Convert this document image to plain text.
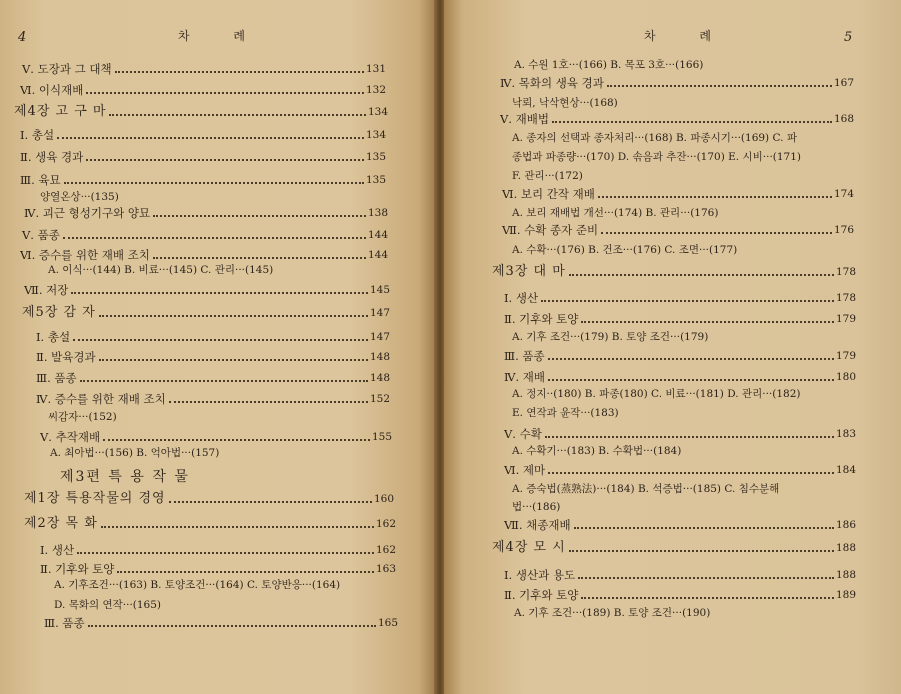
4	차 례
Ⅴ. 도장과 그 대책	131
Ⅵ. 이식재배	132
제4장 고 구 마	134
Ⅰ. 총설	134
Ⅱ. 생육 경과	135
Ⅲ. 육묘	135
양열온상···(135)
Ⅳ. 괴근 형성기구와 양묘	138
Ⅴ. 품종	144
Ⅵ. 증수를 위한 재배 조치	144
A. 이식···(144) B. 비료···(145) C. 관리···(145)
Ⅶ. 저장	145
제5장 감 자	147
Ⅰ. 총설	147
Ⅱ. 발육경과	148
Ⅲ. 품종	148
Ⅳ. 증수를 위한 재배 조치	152
씨감자···(152)
Ⅴ. 추작재배	155
A. 최아법···(156) B. 억아법···(157)
제3편 특 용 작 물
제1장 특용작물의 경영	160
제2장 목 화	162
Ⅰ. 생산	162
Ⅱ. 기후와 토양	163
A. 기후조건···(163) B. 토양조건···(164) C. 토양반응···(164)
D. 목화의 연작···(165)
Ⅲ. 품종	165
차 례	5
A. 수원 1호···(166) B. 목포 3호···(166)
Ⅳ. 목화의 생육 경과	167
낙뢰, 낙삭현상···(168)
Ⅴ. 재배법	168
A. 종자의 선택과 종자처리···(168) B. 파종시기···(169) C. 파
종법과 파종량···(170) D. 솎음과 추잔···(170) E. 시비···(171)
F. 관리···(172)
Ⅵ. 보리 간작 재배	174
A. 보리 재배법 개선···(174) B. 관리···(176)
Ⅶ. 수확 종자 준비	176
A. 수확···(176) B. 건조···(176) C. 조면···(177)
제3장 대 마	178
Ⅰ. 생산	178
Ⅱ. 기후와 토양	179
A. 기후 조건···(179) B. 토양 조건···(179)
Ⅲ. 품종	179
Ⅳ. 재배	180
A. 정지··(180) B. 파종(180) C. 비료···(181) D. 관리···(182)
E. 연작과 윤작···(183)
Ⅴ. 수확	183
A. 수확기···(183) B. 수확법···(184)
Ⅵ. 제마	184
A. 증숙법(蒸熟法)···(184) B. 석증법···(185) C. 침수분해
법···(186)
Ⅶ. 채종재배	186
제4장 모 시	188
Ⅰ. 생산과 용도	188
Ⅱ. 기후와 토양	189
A. 기후 조건···(189) B. 토양 조건···(190)
